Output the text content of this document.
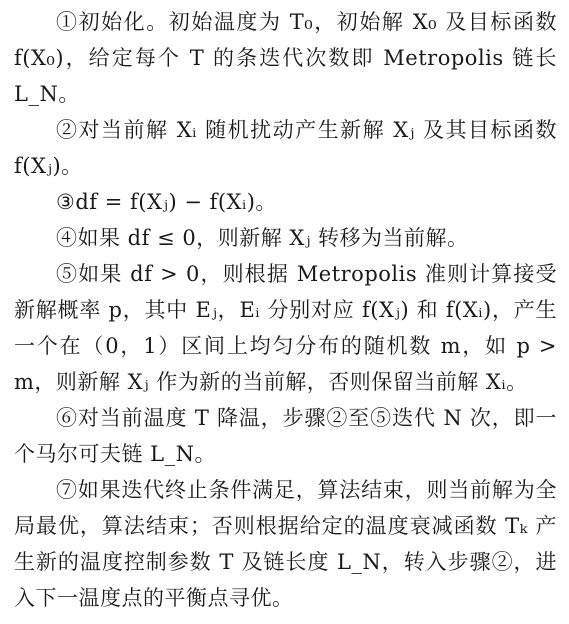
①初始化。初始温度为 T₀，初始解 X₀ 及目标函数 f(X₀)，给定每个 T 的条迭代次数即 Metropolis 链长 L_N。

②对当前解 Xᵢ 随机扰动产生新解 Xⱼ 及其目标函数 f(Xⱼ)。

③df = f(Xⱼ) − f(Xᵢ)。

④如果 df ≤ 0，则新解 Xⱼ 转移为当前解。

⑤如果 df > 0，则根据 Metropolis 准则计算接受新解概率 p，其中 Eⱼ，Eᵢ 分别对应 f(Xⱼ) 和 f(Xᵢ)，产生一个在（0，1）区间上均匀分布的随机数 m，如 p > m，则新解 Xⱼ 作为新的当前解，否则保留当前解 Xᵢ。

⑥对当前温度 T 降温，步骤②至⑤迭代 N 次，即一个马尔可夫链 L_N。

⑦如果迭代终止条件满足，算法结束，则当前解为全局最优，算法结束；否则根据给定的温度衰减函数 Tₖ 产生新的温度控制参数 T 及链长度 L_N，转入步骤②，进入下一温度点的平衡点寻优。
